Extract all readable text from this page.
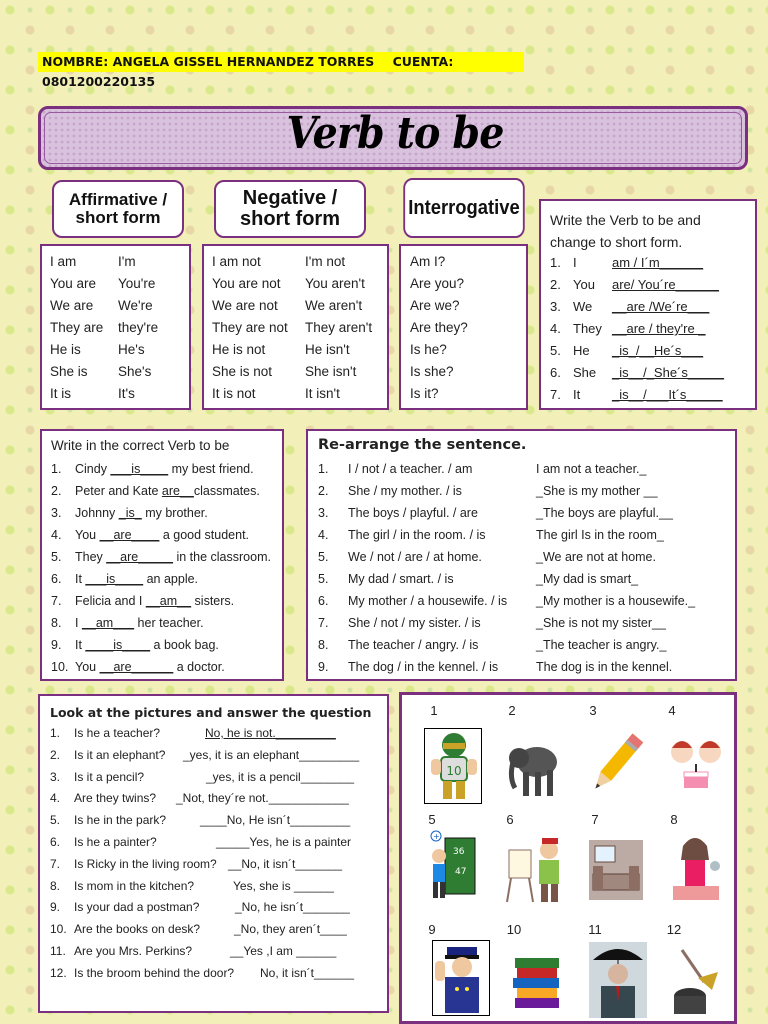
NOMBRE: ANGELA GISSEL HERNANDEZ TORRES CUENTA: 0801200220135
Verb to be
Affirmative / short form
Negative / short form
Interrogative
I am	I'm
You are You're
We are We're
They are they're
He is	He's
She is She's
It is	It's
I am not	I'm not
You are not You aren't
We are not We aren't
They are not They aren't
He is not	He isn't
She is not She isn't
It is not	It isn't
Am I?
Are you?
Are we?
Are they?
Is he?
Is she?
Is it?
Write the Verb to be and change to short form.
1. I	am / I´m______
2. You are/ You´re______
3. We __are /We´re___
4. They __are / they're _
5. He _is_/__He´s___
6. She _is__/_She´s_____
7. It _is__/___It´s_____
Write in the correct Verb to be
1. Cindy ___is____ my best friend.
2. Peter and Kate are__classmates.
3. Johnny _is_ my brother.
4. You __are____ a good student.
5. They __are_____ in the classroom.
6. It ___is____ an apple.
7. Felicia and I __am__ sisters.
8. I __am___ her teacher.
9. It ____is____ a book bag.
10. You __are______ a doctor.
Re-arrange the sentence.
1. I / not / a teacher. / am	I am not a teacher._
2. She / my mother. / is	_She is my mother __
3. The boys / playful. / are	_The boys are playful.__
4. The girl / in the room. / is	The girl Is in the room_
5. We / not / are / at home.	_We are not at home.
5. My dad / smart. / is	_My dad is smart_
6. My mother / a housewife. / is _My mother is a housewife._
7. She / not / my sister. / is	_She is not my sister__
8. The teacher / angry. / is	_The teacher is angry._
9. The dog / in the kennel. / is	The dog is in the kennel.
Look at the pictures and answer the question
1. Is he a teacher?	No, he is not._________
2. Is it an elephant? _yes, it is an elephant_________
3. Is it a pencil?	_yes, it is a pencil________
4. Are they twins? _Not, they´re not.____________
5. Is he in the park?	____No, He isn´t_________
6. Is he a painter?	_____Yes, he is a painter
7. Is Ricky in the living room? __No, it isn´t_______
8. Is mom in the kitchen?	Yes, she is ______
9. Is your dad a postman?	_No, he isn´t_______
10. Are the books on desk?	_No, they aren´t____
11. Are you Mrs. Perkins?	__Yes ,I am ______
12. Is the broom behind the door? No, it isn´t______
10
36
47
+
1	2	3	4
5	6	7	8
9	10	11	12
